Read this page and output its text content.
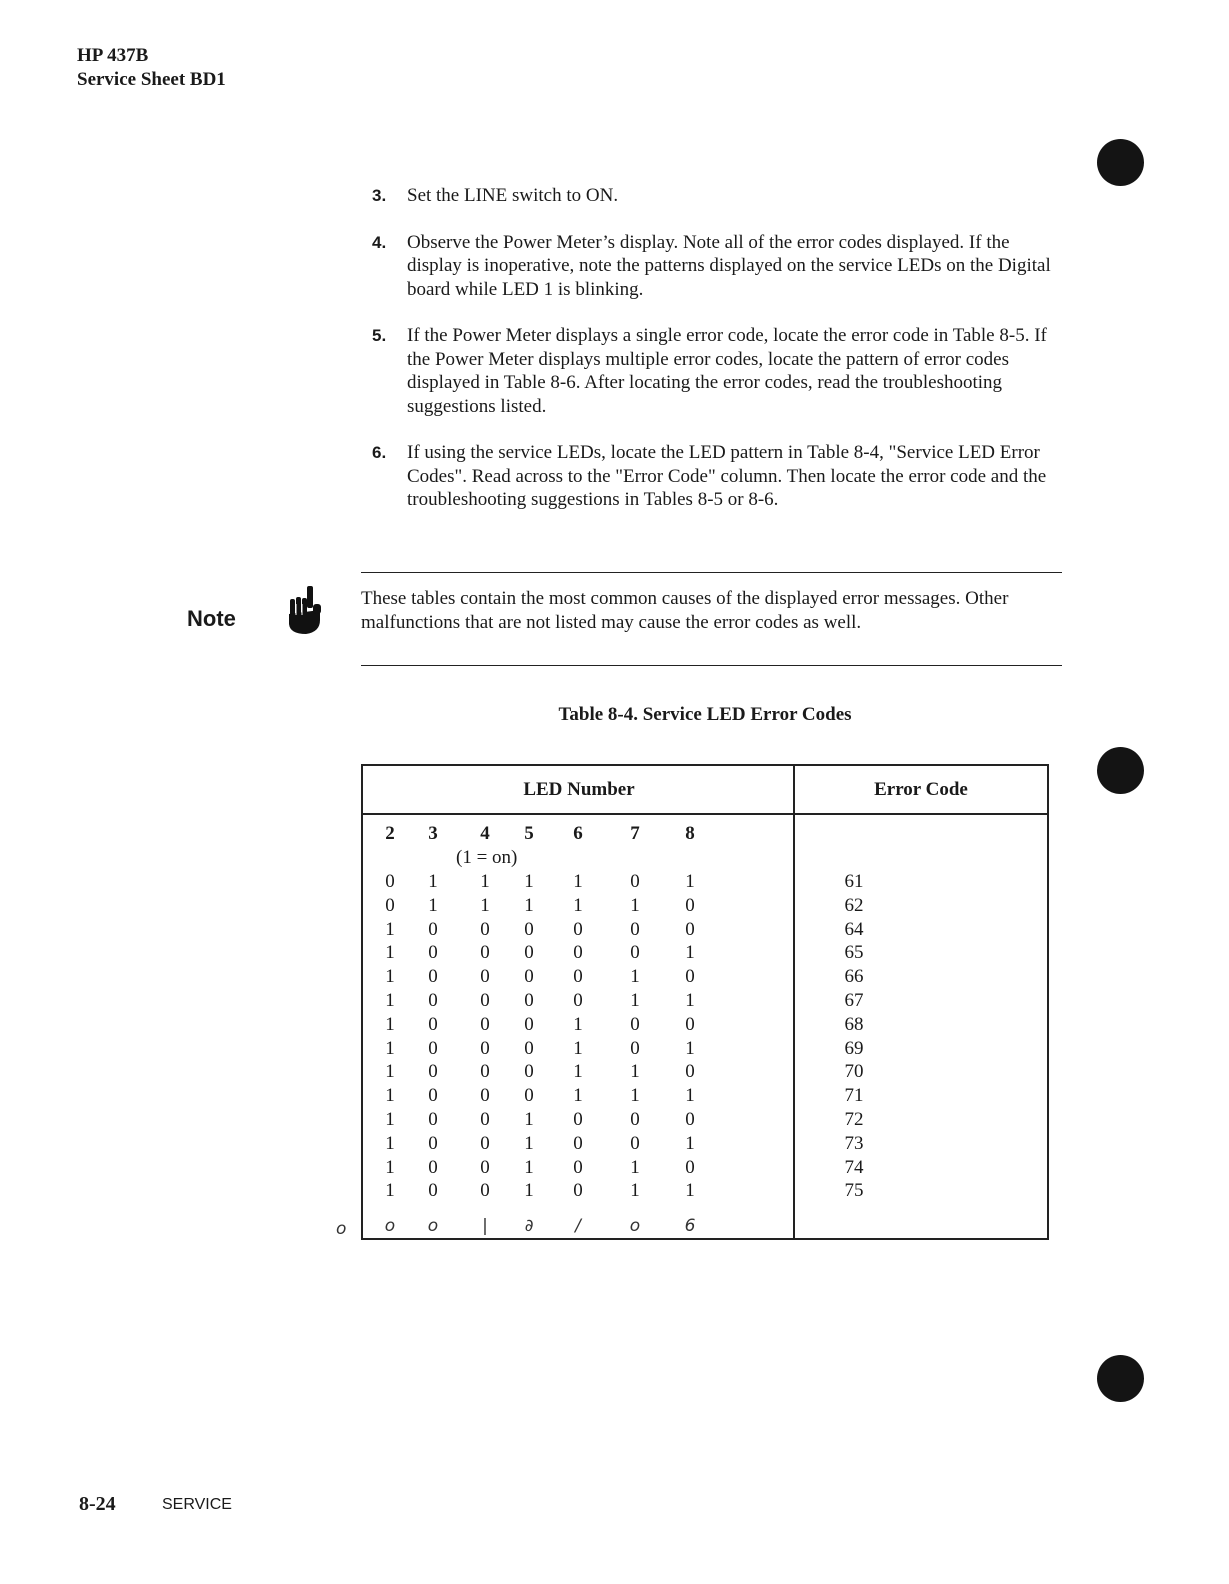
HP 437B
Service Sheet BD1
3. Set the LINE switch to ON.
4. Observe the Power Meter’s display. Note all of the error codes displayed. If the display is inoperative, note the patterns displayed on the service LEDs on the Digital board while LED 1 is blinking.
5. If the Power Meter displays a single error code, locate the error code in Table 8-5. If the Power Meter displays multiple error codes, locate the pattern of error codes displayed in Table 8-6. After locating the error codes, read the troubleshooting suggestions listed.
6. If using the service LEDs, locate the LED pattern in Table 8-4, "Service LED Error Codes". Read across to the "Error Code" column. Then locate the error code and the troubleshooting suggestions in Tables 8-5 or 8-6.
Note
These tables contain the most common causes of the displayed error messages. Other malfunctions that are not listed may cause the error codes as well.
Table 8-4. Service LED Error Codes
LED Number	Error Code
2	3	4	5	6	7	8
0	1	1	1	1	0	1	61
0	1	1	1	1	1	0	62
1	0	0	0	0	0	0	64
1	0	0	0	0	0	1	65
1	0	0	0	0	1	0	66
1	0	0	0	0	1	1	67
1	0	0	0	1	0	0	68
1	0	0	0	1	0	1	69
1	0	0	0	1	1	0	70
1	0	0	0	1	1	1	71
1	0	0	1	0	0	0	72
1	0	0	1	0	0	1	73
1	0	0	1	0	1	0	74
1	0	0	1	0	1	1	75
o	o	|	∂	/	o	6
(1 = on)
o
8-24	SERVICE
